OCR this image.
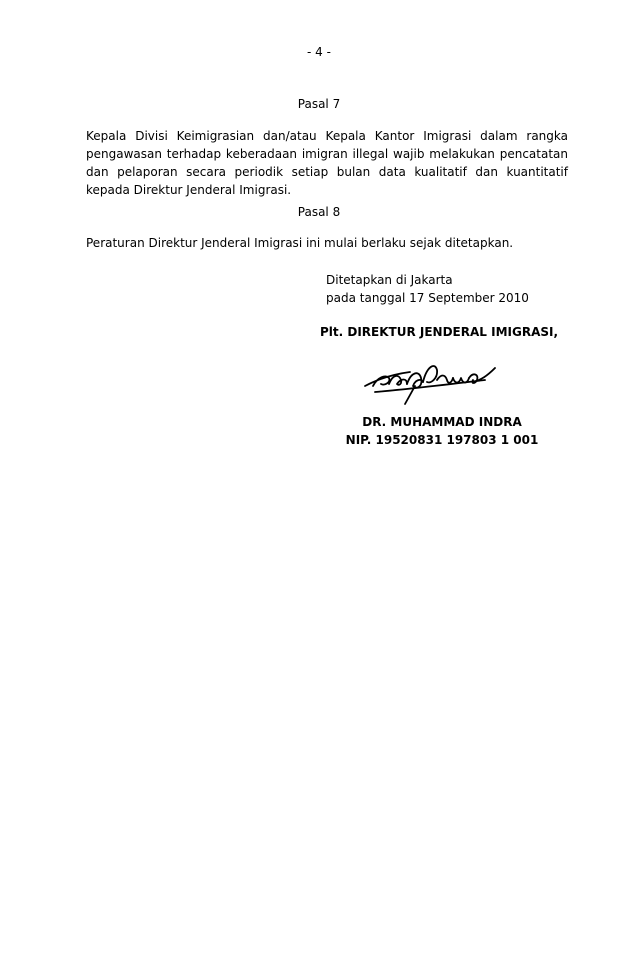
- 4 -
Pasal 7

Kepala Divisi Keimigrasian dan/atau Kepala Kantor Imigrasi dalam rangka pengawasan terhadap keberadaan imigran illegal wajib melakukan pencatatan dan pelaporan secara periodik setiap bulan data kualitatif dan kuantitatif kepada Direktur Jenderal Imigrasi.

Pasal 8

Peraturan Direktur Jenderal Imigrasi ini mulai berlaku sejak ditetapkan.

Ditetapkan di Jakarta
pada tanggal 17 September 2010
Plt. DIREKTUR JENDERAL IMIGRASI,
DR. MUHAMMAD INDRA
NIP. 19520831 197803 1 001
